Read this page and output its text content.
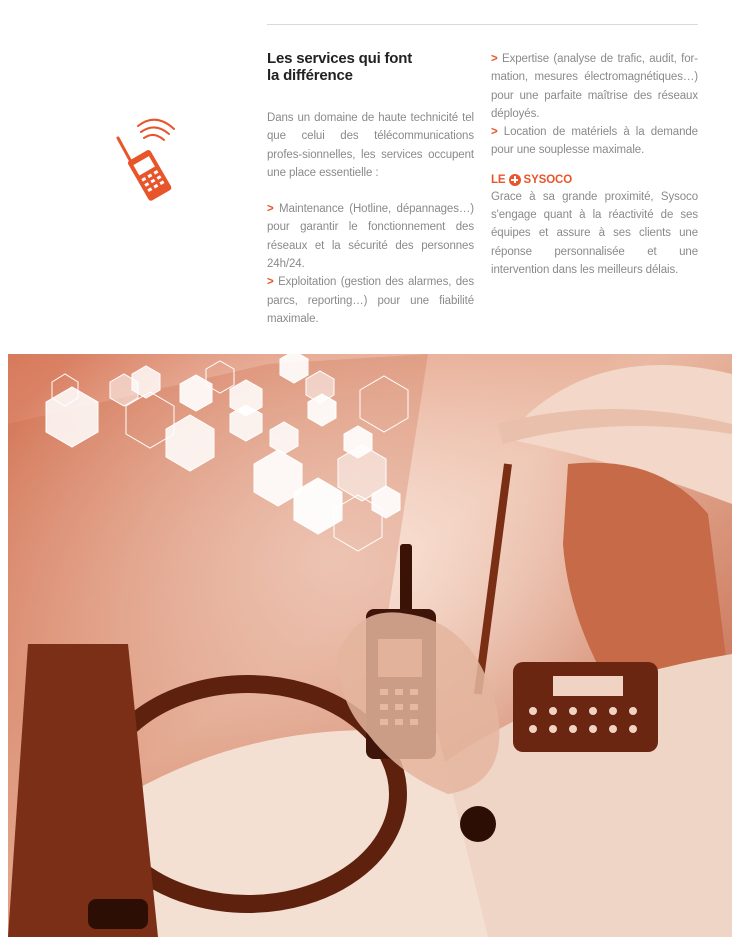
Les services qui font
la différence

Dans un domaine de haute technicité tel que celui des télécommunications profes-sionnelles, les services occupent une place essentielle :

> Maintenance (Hotline, dépannages…) pour garantir le fonctionnement des réseaux et la sécurité des personnes 24h/24.

> Exploitation (gestion des alarmes, des parcs, reporting…) pour une fiabilité maximale.

> Expertise (analyse de trafic, audit, for-mation, mesures électromagnétiques…) pour une parfaite maîtrise des réseaux déployés.

> Location de matériels à la demande pour une souplesse maximale.

LE SYSOCO

Grace à sa grande proximité, Sysoco s'engage quant à la réactivité de ses équipes et assure à ses clients une réponse personnalisée et une intervention dans les meilleurs délais.
